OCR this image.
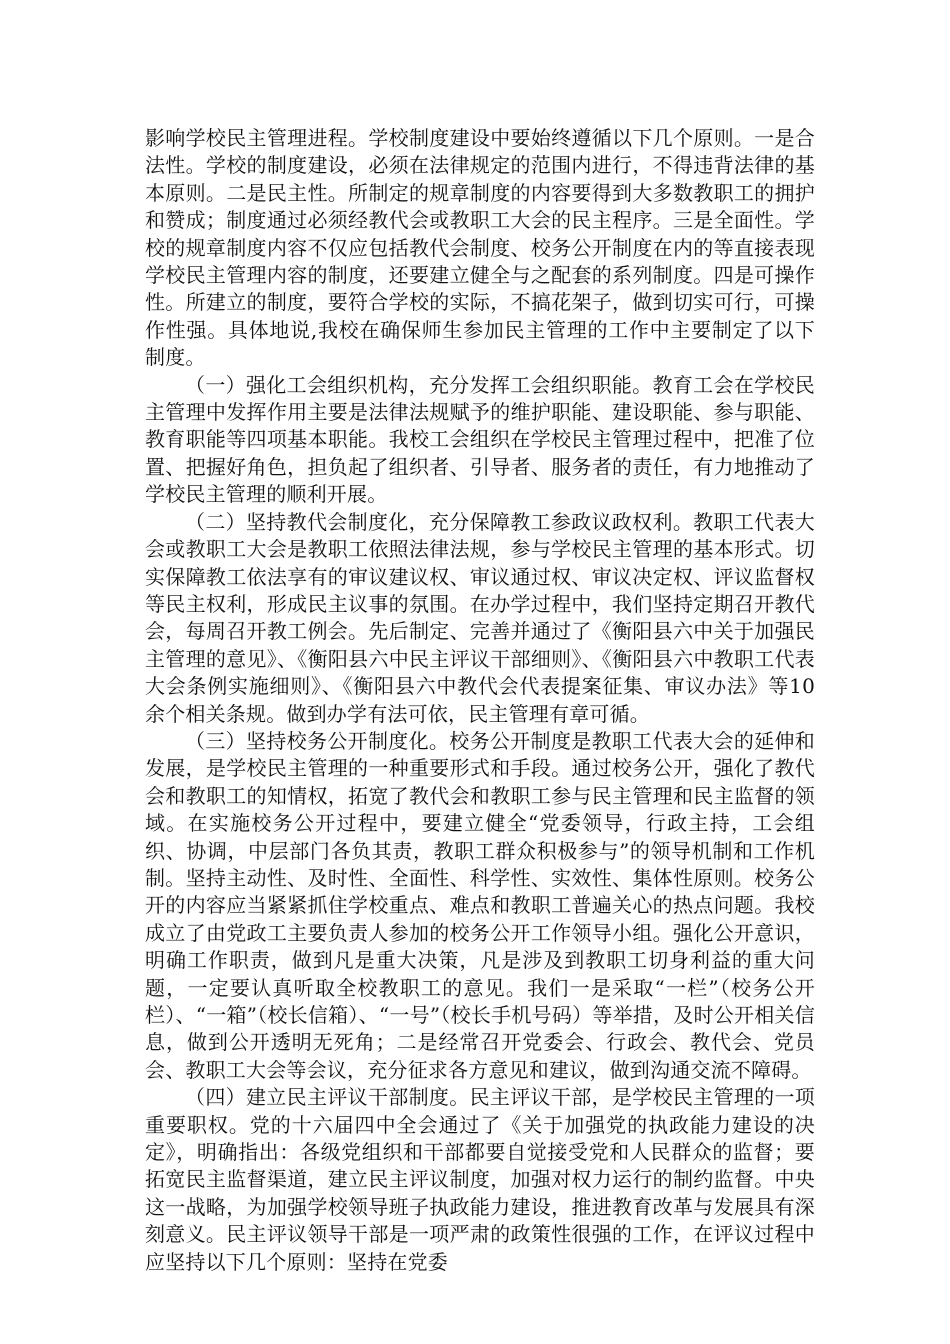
影响学校民主管理进程。学校制度建设中要始终遵循以下几个原则。一是合法性。学校的制度建设，必须在法律规定的范围内进行，不得违背法律的基本原则。二是民主性。所制定的规章制度的内容要得到大多数教职工的拥护和赞成；制度通过必须经教代会或教职工大会的民主程序。三是全面性。学校的规章制度内容不仅应包括教代会制度、校务公开制度在内的等直接表现学校民主管理内容的制度，还要建立健全与之配套的系列制度。四是可操作性。所建立的制度，要符合学校的实际，不搞花架子，做到切实可行，可操作性强。具体地说,我校在确保师生参加民主管理的工作中主要制定了以下制度。

（一）强化工会组织机构，充分发挥工会组织职能。教育工会在学校民主管理中发挥作用主要是法律法规赋予的维护职能、建设职能、参与职能、教育职能等四项基本职能。我校工会组织在学校民主管理过程中，把准了位置、把握好角色，担负起了组织者、引导者、服务者的责任，有力地推动了学校民主管理的顺利开展。

（二）坚持教代会制度化，充分保障教工参政议政权利。教职工代表大会或教职工大会是教职工依照法律法规，参与学校民主管理的基本形式。切实保障教工依法享有的审议建议权、审议通过权、审议决定权、评议监督权等民主权利，形成民主议事的氛围。在办学过程中，我们坚持定期召开教代会，每周召开教工例会。先后制定、完善并通过了《衡阳县六中关于加强民主管理的意见》、《衡阳县六中民主评议干部细则》、《衡阳县六中教职工代表大会条例实施细则》、《衡阳县六中教代会代表提案征集、审议办法》等10余个相关条规。做到办学有法可依，民主管理有章可循。

（三）坚持校务公开制度化。校务公开制度是教职工代表大会的延伸和发展，是学校民主管理的一种重要形式和手段。通过校务公开，强化了教代会和教职工的知情权，拓宽了教代会和教职工参与民主管理和民主监督的领域。在实施校务公开过程中，要建立健全“党委领导，行政主持，工会组织、协调，中层部门各负其责，教职工群众积极参与”的领导机制和工作机制。坚持主动性、及时性、全面性、科学性、实效性、集体性原则。校务公开的内容应当紧紧抓住学校重点、难点和教职工普遍关心的热点问题。我校成立了由党政工主要负责人参加的校务公开工作领导小组。强化公开意识，明确工作职责，做到凡是重大决策，凡是涉及到教职工切身利益的重大问题，一定要认真听取全校教职工的意见。我们一是采取“一栏”（校务公开栏）、“一箱”（校长信箱）、“一号”（校长手机号码）等举措，及时公开相关信息，做到公开透明无死角；二是经常召开党委会、行政会、教代会、党员会、教职工大会等会议，充分征求各方意见和建议，做到沟通交流不障碍。

（四）建立民主评议干部制度。民主评议干部，是学校民主管理的一项重要职权。党的十六届四中全会通过了《关于加强党的执政能力建设的决定》，明确指出：各级党组织和干部都要自觉接受党和人民群众的监督；要拓宽民主监督渠道，建立民主评议制度，加强对权力运行的制约监督。中央这一战略，为加强学校领导班子执政能力建设，推进教育改革与发展具有深刻意义。民主评议领导干部是一项严肃的政策性很强的工作，在评议过程中应坚持以下几个原则：坚持在党委
